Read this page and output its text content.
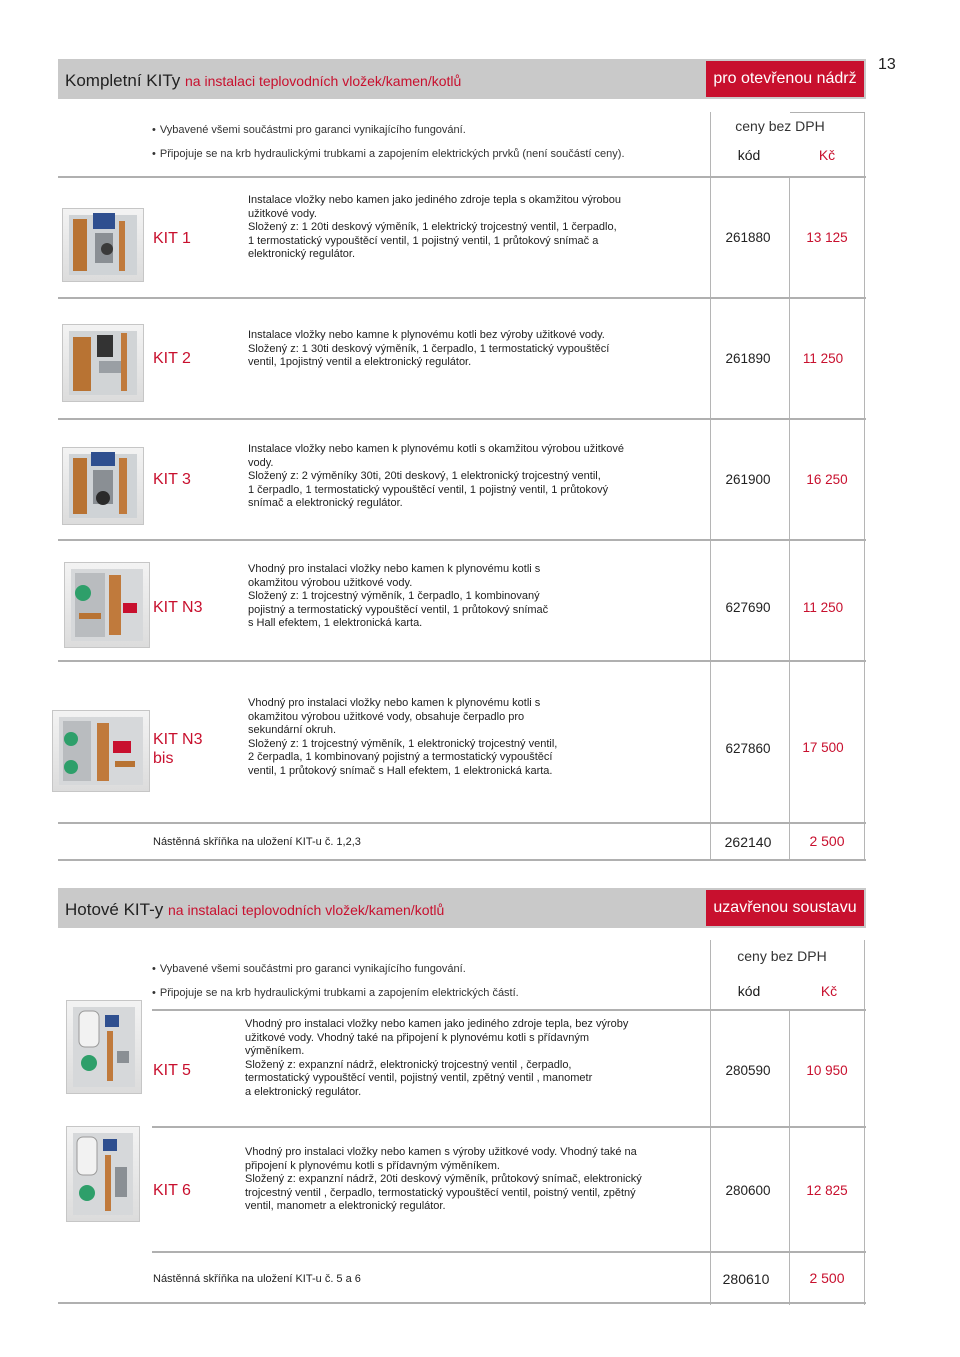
13
Kompletní KITy na instalaci teplovodních vložek/kamen/kotlů	pro otevřenou nádrž
• Vybavené všemi součástmi pro garanci vynikajícího fungování.
• Připojuje se na krb hydraulickými trubkami a zapojením elektrických prvků (není součástí ceny).
ceny bez DPH
kód	Kč
KIT 1
Instalace vložky nebo kamen jako jediného zdroje tepla s okamžitou výrobou
užitkové vody.
Složený z: 1 20ti deskový výměník, 1 elektrický trojcestný ventil, 1 čerpadlo,
1 termostatický vypouštěcí ventil, 1 pojistný ventil, 1 průtokový snímač a
elektronický regulátor.
261880	13 125
KIT 2
Instalace vložky nebo kamne k plynovému kotli bez výroby užitkové vody.
Složený z: 1 30ti deskový výměník, 1 čerpadlo, 1 termostatický vypouštěcí
ventil, 1pojistný ventil a elektronický regulátor.	261890	11 250
KIT 3
Instalace vložky nebo kamen k plynovému kotli s okamžitou výrobou užitkové
vody.
Složený z: 2 výměníky 30ti, 20ti deskový, 1 elektronický trojcestný ventil,
1 čerpadlo, 1 termostatický vypouštěcí ventil, 1 pojistný ventil, 1 průtokový
snímač a elektronický regulátor.
261900	16 250
KIT N3
Vhodný pro instalaci vložky nebo kamen k plynovému kotli s
okamžitou výrobou užitkové vody.
Složený z: 1 trojcestný výměník, 1 čerpadlo, 1 kombinovaný
pojistný a termostatický vypouštěcí ventil, 1 průtokový snímač
s Hall efektem, 1 elektronická karta.
627690	11 250
KIT N3
bis
Vhodný pro instalaci vložky nebo kamen k plynovému kotli s
okamžitou výrobou užitkové vody, obsahuje čerpadlo pro
sekundární okruh.
Složený z: 1 trojcestný výměník, 1 elektronický trojcestný ventil,
2 čerpadla, 1 kombinovaný pojistný a termostatický vypouštěcí
ventil, 1 průtokový snímač s Hall efektem, 1 elektronická karta.
627860	17 500
Nástěnná skříňka na uložení KIT-u č. 1,2,3	262140	2 500
Hotové KIT-y na instalaci teplovodních vložek/kamen/kotlů	uzavřenou soustavu
• Vybavené všemi součástmi pro garanci vynikajícího fungování.
• Připojuje se na krb hydraulickými trubkami a zapojením elektrických částí.
ceny bez DPH
kód	Kč
KIT 5
Vhodný pro instalaci vložky nebo kamen jako jediného zdroje tepla, bez výroby
užitkové vody. Vhodný také na připojení k plynovému kotli s přídavným
výměníkem.
Složený z: expanzní nádrž, elektronický trojcestný ventil , čerpadlo,
termostatický vypouštěcí ventil, pojistný ventil, zpětný ventil , manometr
a elektronický regulátor.
280590	10 950
KIT 6
Vhodný pro instalaci vložky nebo kamen s výroby užitkové vody. Vhodný také na
připojení k plynovému kotli s přídavným výměníkem.
Složený z: expanzní nádrž, 20ti deskový výměník, průtokový snímač, elektronický
trojcestný ventil , čerpadlo, termostatický vypouštěcí ventil, poistný ventil, zpětný
ventil, manometr a elektronický regulátor.
280600	12 825
Nástěnná skříňka na uložení KIT-u č. 5 a 6	280610	2 500
